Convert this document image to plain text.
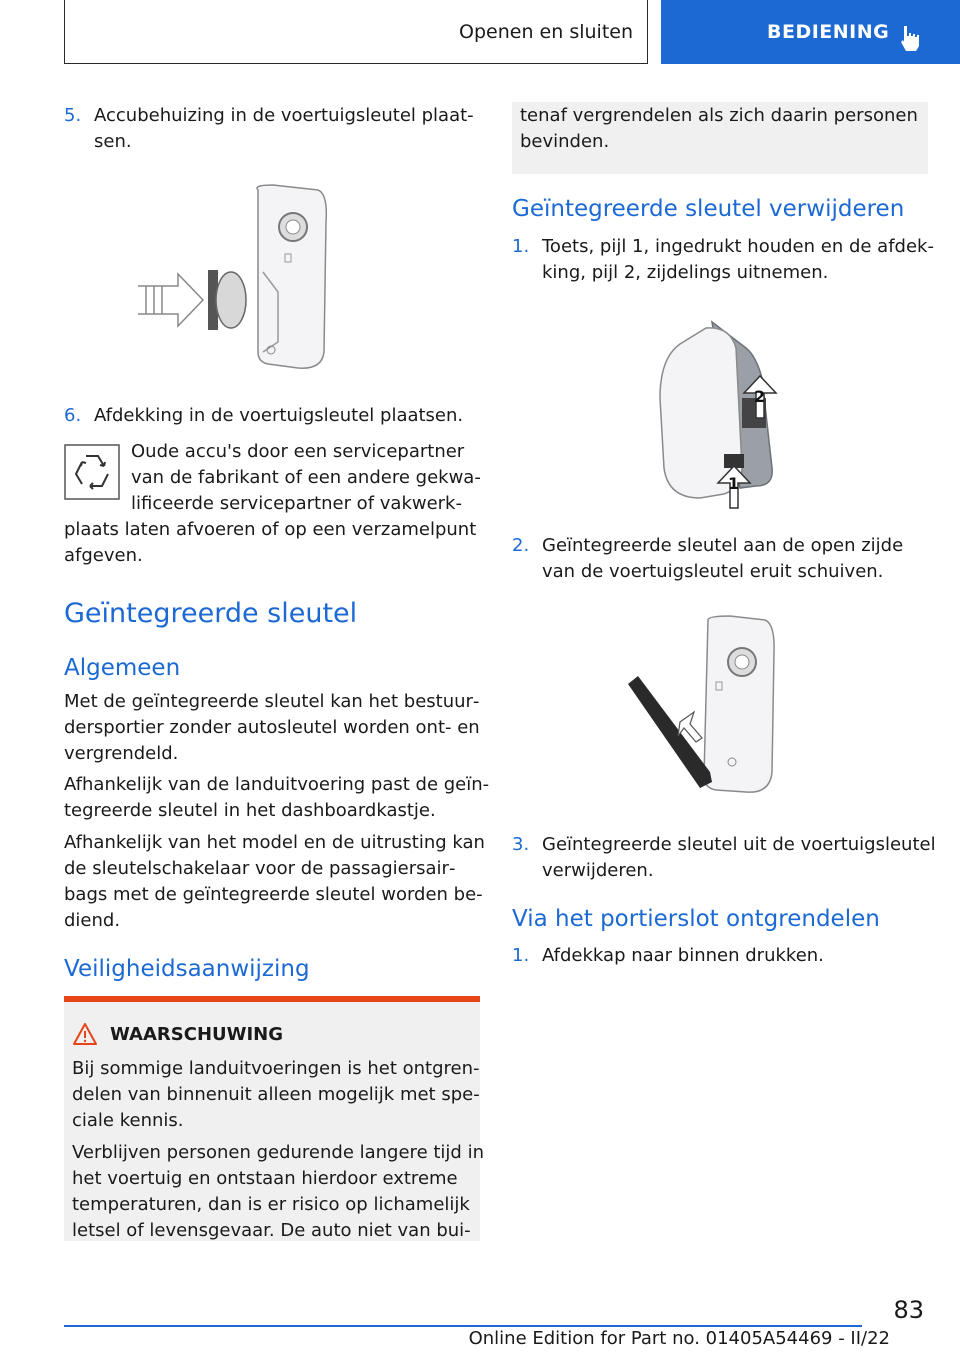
Openen en sluiten	BEDIENING
5. Accubehuizing in de voertuigsleutel plaat‐
sen.
6. Afdekking in de voertuigsleutel plaatsen.
Oude accu's door een servicepartner
van de fabrikant of een andere gekwa‐
lificeerde servicepartner of vakwerk‐
plaats laten afvoeren of op een verzamelpunt
afgeven.
Geïntegreerde sleutel
Algemeen
Met de geïntegreerde sleutel kan het bestuur‐
dersportier zonder autosleutel worden ont- en
vergrendeld.
Afhankelijk van de landuitvoering past de geïn‐
tegreerde sleutel in het dashboardkastje.
Afhankelijk van het model en de uitrusting kan
de sleutelschakelaar voor de passagiersair‐
bags met de geïntegreerde sleutel worden be‐
diend.
Veiligheidsaanwijzing
WAARSCHUWING
Bij sommige landuitvoeringen is het ontgren‐
delen van binnenuit alleen mogelijk met spe‐
ciale kennis.
Verblijven personen gedurende langere tijd in
het voertuig en ontstaan hierdoor extreme
temperaturen, dan is er risico op lichamelijk
letsel of levensgevaar. De auto niet van bui‐
tenaf vergrendelen als zich daarin personen
bevinden.
Geïntegreerde sleutel verwijderen
1. Toets, pijl 1, ingedrukt houden en de afdek‐
king, pijl 2, zijdelings uitnemen.
2
1
2. Geïntegreerde sleutel aan de open zijde
van de voertuigsleutel eruit schuiven.
3. Geïntegreerde sleutel uit de voertuigsleutel
verwijderen.
Via het portierslot ontgrendelen
1. Afdekkap naar binnen drukken.
83
Online Edition for Part no. 01405A54469 - II/22
